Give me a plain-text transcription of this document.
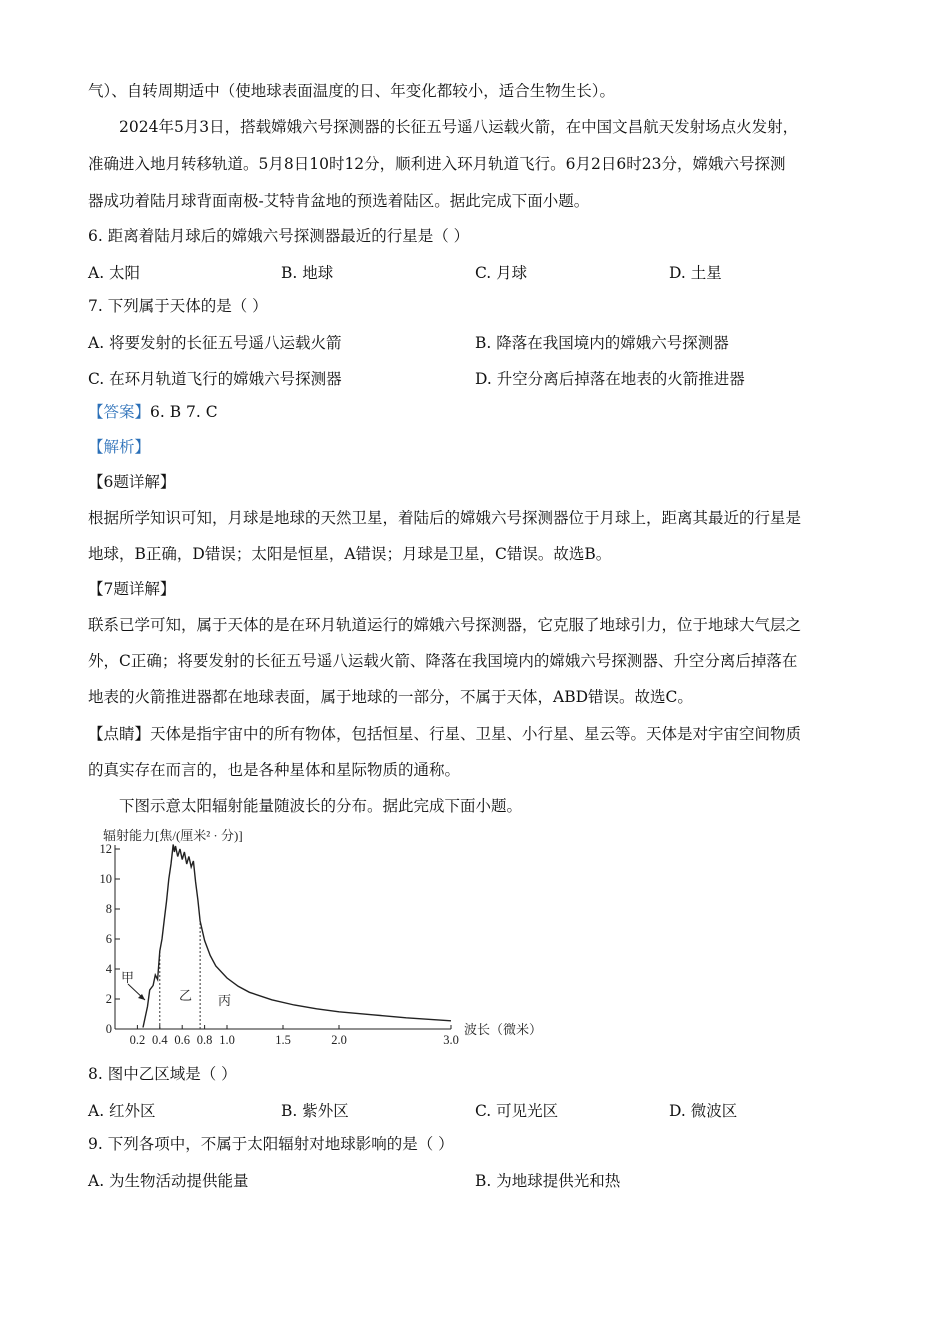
气）、自转周期适中（使地球表面温度的日、年变化都较小，适合生物生长）。
2024年5月3日，搭载嫦娥六号探测器的长征五号遥八运载火箭，在中国文昌航天发射场点火发射，
准确进入地月转移轨道。5月8日10时12分，顺利进入环月轨道飞行。6月2日6时23分，嫦娥六号探测
器成功着陆月球背面南极-艾特肯盆地的预选着陆区。据此完成下面小题。
6. 距离着陆月球后的嫦娥六号探测器最近的行星是（ ）
A. 太阳	B. 地球	C. 月球	D. 土星
7. 下列属于天体的是（ ）
A. 将要发射的长征五号遥八运载火箭	B. 降落在我国境内的嫦娥六号探测器
C. 在环月轨道飞行的嫦娥六号探测器	D. 升空分离后掉落在地表的火箭推进器
【答案】6. B 7. C
【解析】
【6题详解】
根据所学知识可知，月球是地球的天然卫星，着陆后的嫦娥六号探测器位于月球上，距离其最近的行星是
地球，B正确，D错误；太阳是恒星，A错误；月球是卫星，C错误。故选B。
【7题详解】
联系已学可知，属于天体的是在环月轨道运行的嫦娥六号探测器，它克服了地球引力，位于地球大气层之
外，C正确；将要发射的长征五号遥八运载火箭、降落在我国境内的嫦娥六号探测器、升空分离后掉落在
地表的火箭推进器都在地球表面，属于地球的一部分，不属于天体，ABD错误。故选C。
【点睛】天体是指宇宙中的所有物体，包括恒星、行星、卫星、小行星、星云等。天体是对宇宙空间物质
的真实存在而言的，也是各种星体和星际物质的通称。
下图示意太阳辐射能量随波长的分布。据此完成下面小题。
辐射能力[焦/(厘米² · 分)]
0
2
4
6
8
10
12
0.2 0.4 0.6 0.8 1.0	1.5	2.0	3.0
甲
乙 丙
波长（微米）
8. 图中乙区域是（ ）
A. 红外区	B. 紫外区	C. 可见光区	D. 微波区
9. 下列各项中，不属于太阳辐射对地球影响的是（ ）
A. 为生物活动提供能量	B. 为地球提供光和热
